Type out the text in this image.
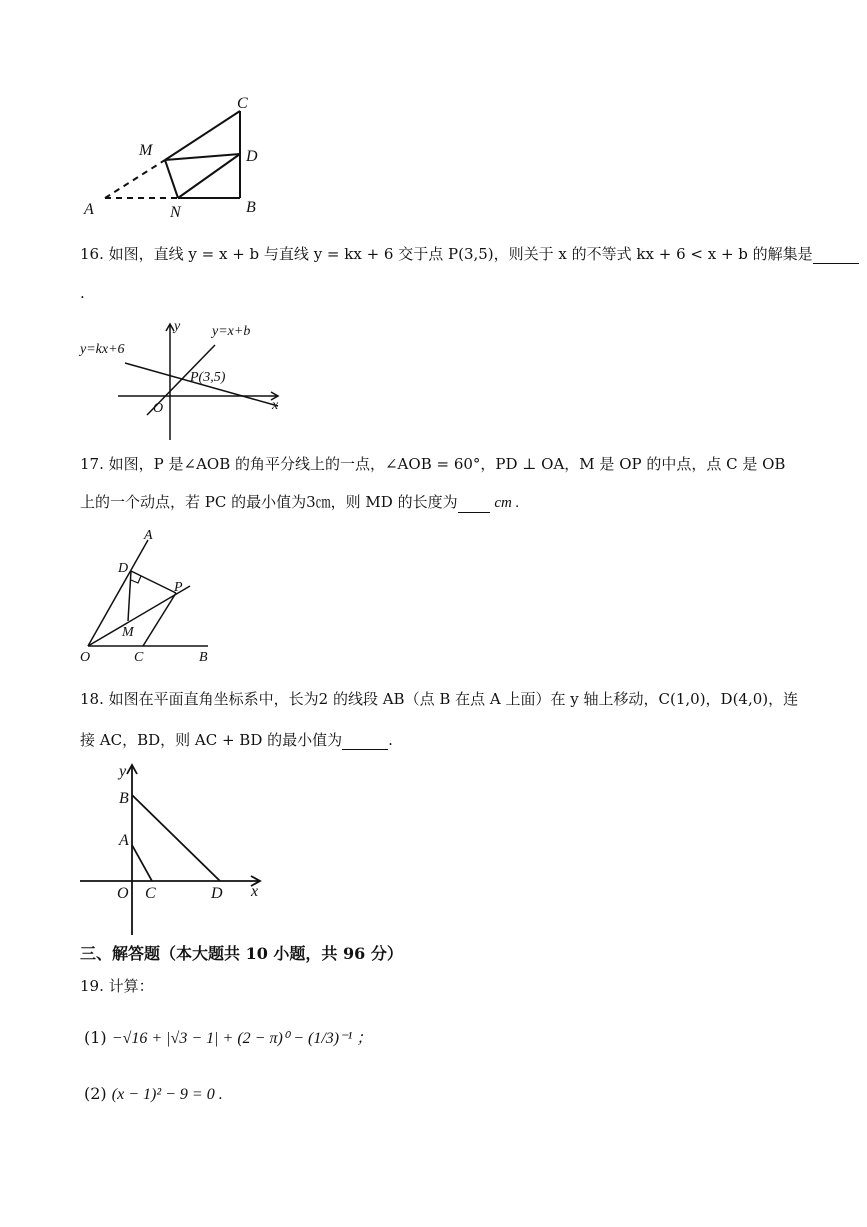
C
M	D
A	N	B
16. 如图，直线 y = x + b 与直线 y = kx + 6 交于点 P(3,5)，则关于 x 的不等式 kx + 6 < x + b 的解集是
.
y=kx+6
y=x+b
P(3,5)
O	x
y
17. 如图，P 是∠AOB 的角平分线上的一点，∠AOB = 60°，PD ⊥ OA，M 是 OP 的中点，点 C 是 OB
上的一个动点，若 PC 的最小值为3㎝，则 MD 的长度为 cm .
A
D
P
M
O	C	B
18. 如图在平面直角坐标系中，长为2 的线段 AB（点 B 在点 A 上面）在 y 轴上移动，C(1,0)，D(4,0)，连
接 AC，BD，则 AC + BD 的最小值为	.
y
B
A
O C	D x
三、解答题（本大题共 10 小题，共 96 分）
19. 计算：
(1) −√16 + |√3 − 1| + (2 − π)⁰ − (1/3)⁻¹ ；
(2) (x − 1)² − 9 = 0 .
